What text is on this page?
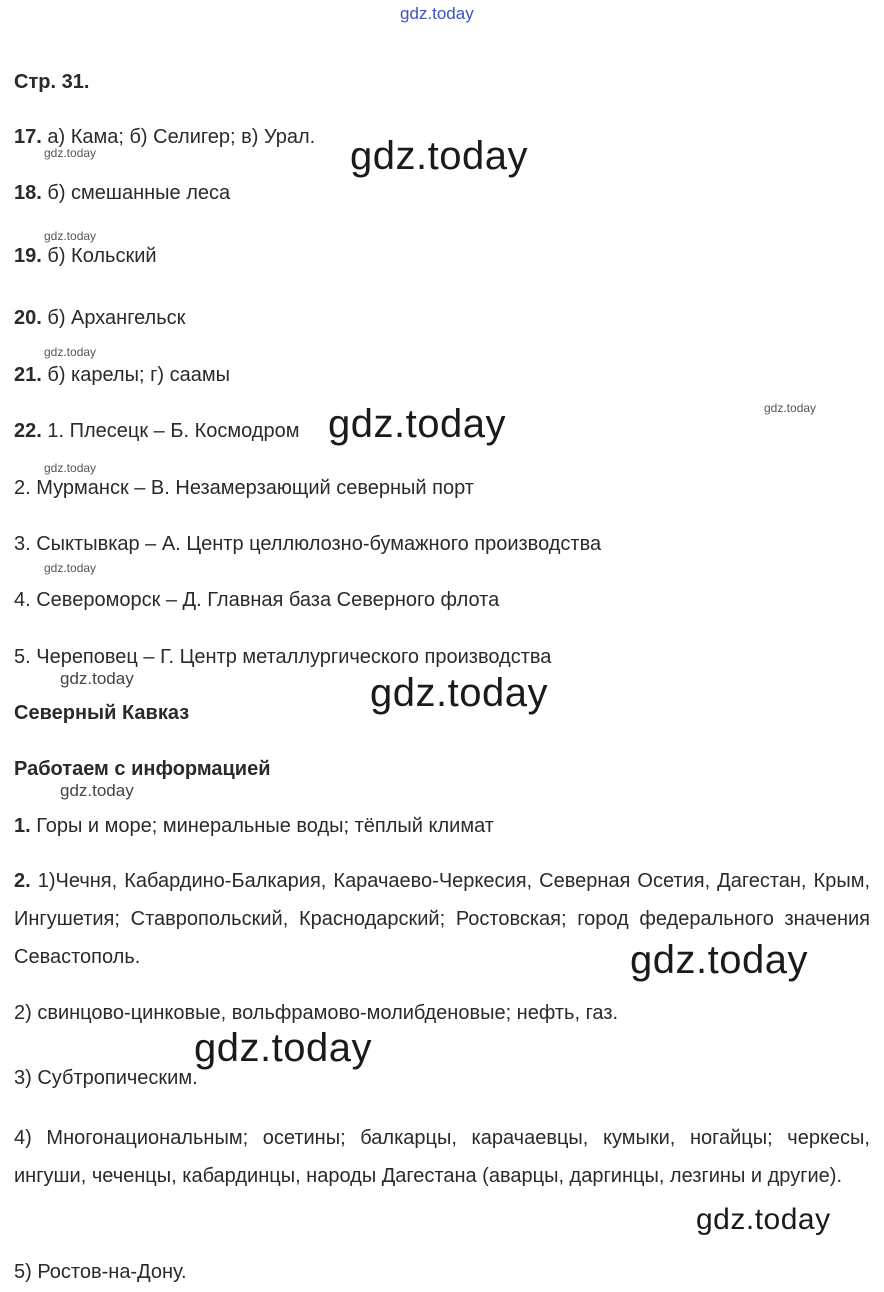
gdz.today
Стр. 31.
17. а) Кама; б) Селигер; в) Урал.
gdz.today	gdz.today
18. б) смешанные леса
gdz.today
19. б) Кольский
20. б) Архангельск
gdz.today
21. б) карелы; г) саамы
gdz.today
22. 1. Плесецк – Б. Космодром gdz.today
gdz.today
2. Мурманск – В. Незамерзающий северный порт
3. Сыктывкар – А. Центр целлюлозно-бумажного производства
gdz.today
4. Североморск – Д. Главная база Северного флота
5. Череповец – Г. Центр металлургического производства
gdz.today	gdz.today
Северный Кавказ
Работаем с информацией
gdz.today
1. Горы и море; минеральные воды; тёплый климат
2. 1)Чечня, Кабардино-Балкария, Карачаево-Черкесия, Северная Осетия, Дагестан, Крым, Ингушетия; Ставропольский, Краснодарский; Ростовская; город федерального значения Севастополь.	gdz.today
2) свинцово-цинковые, вольфрамово-молибденовые; нефть, газ.
gdz.today
3) Субтропическим.
4) Многонациональным; осетины; балкарцы, карачаевцы, кумыки, ногайцы; черкесы, ингуши, чеченцы, кабардинцы, народы Дагестана (аварцы, даргинцы, лезгины и другие).
gdz.today
5) Ростов-на-Дону.
